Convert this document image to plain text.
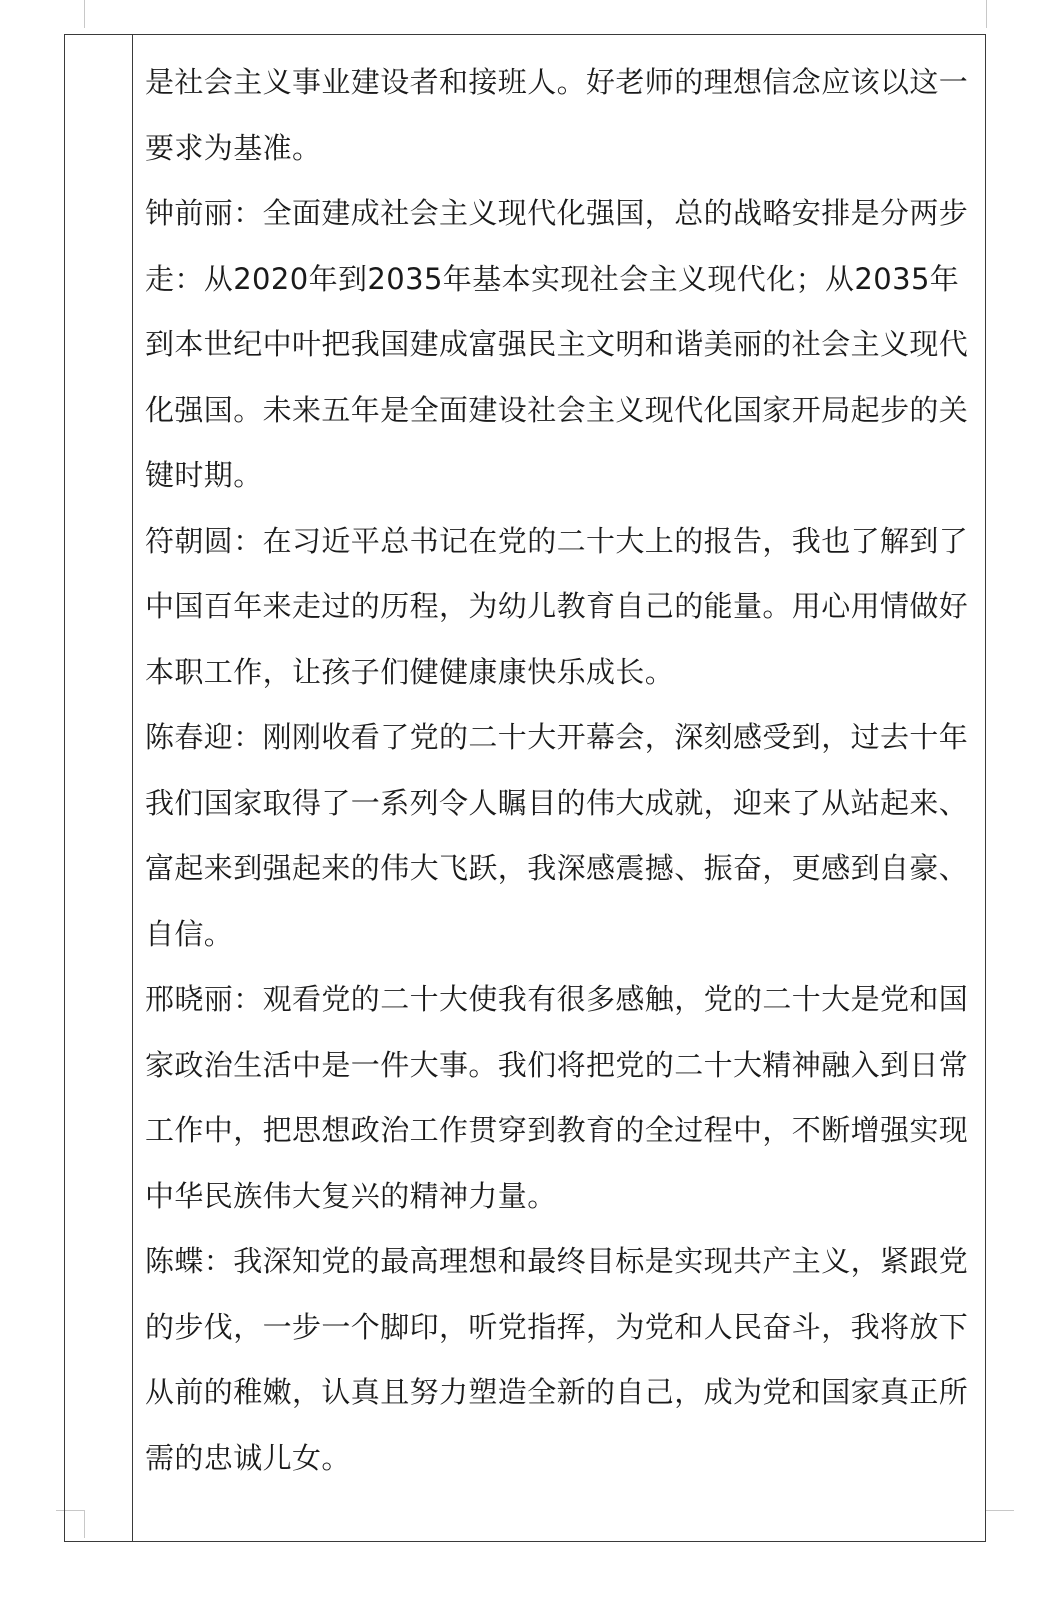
是社会主义事业建设者和接班人。好老师的理想信念应该以这一要求为基准。

钟前丽：全面建成社会主义现代化强国，总的战略安排是分两步走：从2020年到2035年基本实现社会主义现代化；从2035年到本世纪中叶把我国建成富强民主文明和谐美丽的社会主义现代化强国。未来五年是全面建设社会主义现代化国家开局起步的关键时期。

符朝圆：在习近平总书记在党的二十大上的报告，我也了解到了中国百年来走过的历程，为幼儿教育自己的能量。用心用情做好本职工作，让孩子们健健康康快乐成长。

陈春迎：刚刚收看了党的二十大开幕会，深刻感受到，过去十年我们国家取得了一系列令人瞩目的伟大成就，迎来了从站起来、富起来到强起来的伟大飞跃，我深感震撼、振奋，更感到自豪、自信。

邢晓丽：观看党的二十大使我有很多感触，党的二十大是党和国家政治生活中是一件大事。我们将把党的二十大精神融入到日常工作中，把思想政治工作贯穿到教育的全过程中，不断增强实现中华民族伟大复兴的精神力量。

陈蝶：我深知党的最高理想和最终目标是实现共产主义，紧跟党的步伐，一步一个脚印，听党指挥，为党和人民奋斗，我将放下从前的稚嫩，认真且努力塑造全新的自己，成为党和国家真正所需的忠诚儿女。
